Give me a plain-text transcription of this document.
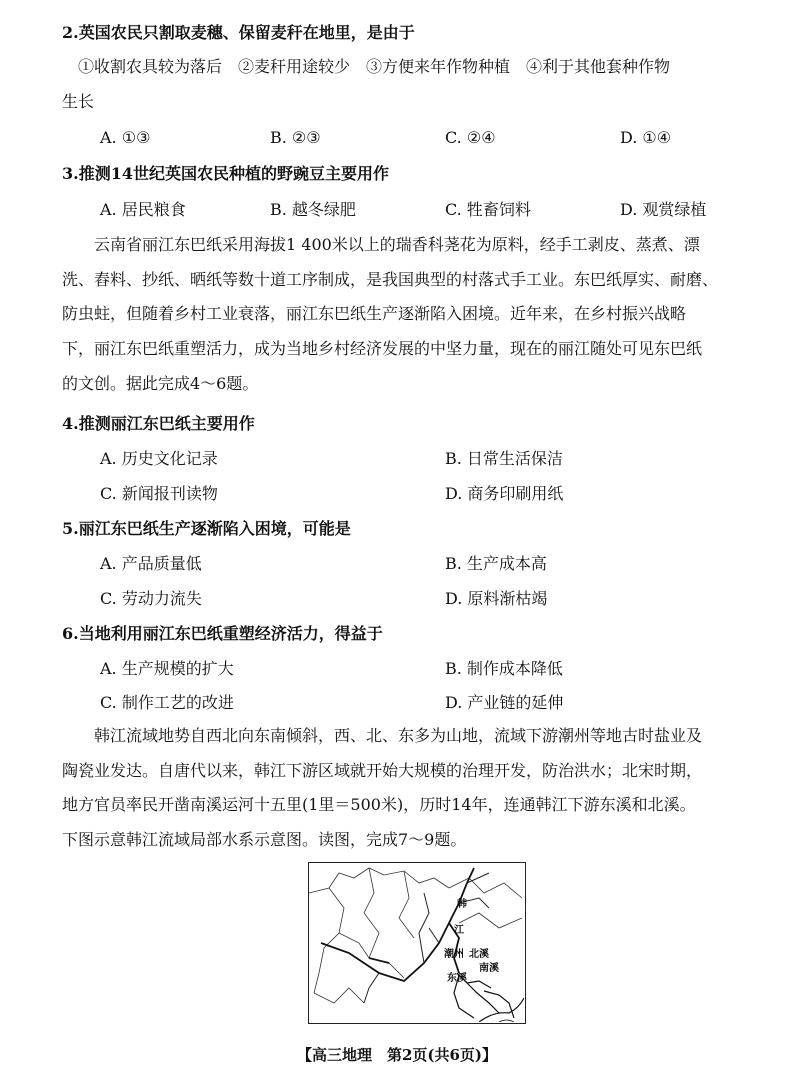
2.英国农民只割取麦穗、保留麦秆在地里，是由于
①收割农具较为落后　②麦秆用途较少　③方便来年作物种植　④利于其他套种作物
生长
A. ①③	B. ②③	C. ②④	D. ①④
3.推测14世纪英国农民种植的野豌豆主要用作
A. 居民粮食	B. 越冬绿肥	C. 牲畜饲料	D. 观赏绿植
　　云南省丽江东巴纸采用海拔1 400米以上的瑞香科荛花为原料，经手工剥皮、蒸煮、漂
洗、舂料、抄纸、晒纸等数十道工序制成，是我国典型的村落式手工业。东巴纸厚实、耐磨、
防虫蛀，但随着乡村工业衰落，丽江东巴纸生产逐渐陷入困境。近年来，在乡村振兴战略
下，丽江东巴纸重塑活力，成为当地乡村经济发展的中坚力量，现在的丽江随处可见东巴纸
的文创。据此完成4～6题。
4.推测丽江东巴纸主要用作
A. 历史文化记录	B. 日常生活保洁
C. 新闻报刊读物	D. 商务印刷用纸
5.丽江东巴纸生产逐渐陷入困境，可能是
A. 产品质量低	B. 生产成本高
C. 劳动力流失	D. 原料渐枯竭
6.当地利用丽江东巴纸重塑经济活力，得益于
A. 生产规模的扩大	B. 制作成本降低
C. 制作工艺的改进	D. 产业链的延伸
　　韩江流域地势自西北向东南倾斜，西、北、东多为山地，流域下游潮州等地古时盐业及
陶瓷业发达。自唐代以来，韩江下游区域就开始大规模的治理开发，防治洪水；北宋时期，
地方官员率民开凿南溪运河十五里(1里＝500米)，历时14年，连通韩江下游东溪和北溪。
下图示意韩江流域局部水系示意图。读图，完成7～9题。
韩
江
潮州 北溪
南溪
东溪
【高三地理　第2页(共6页)】
